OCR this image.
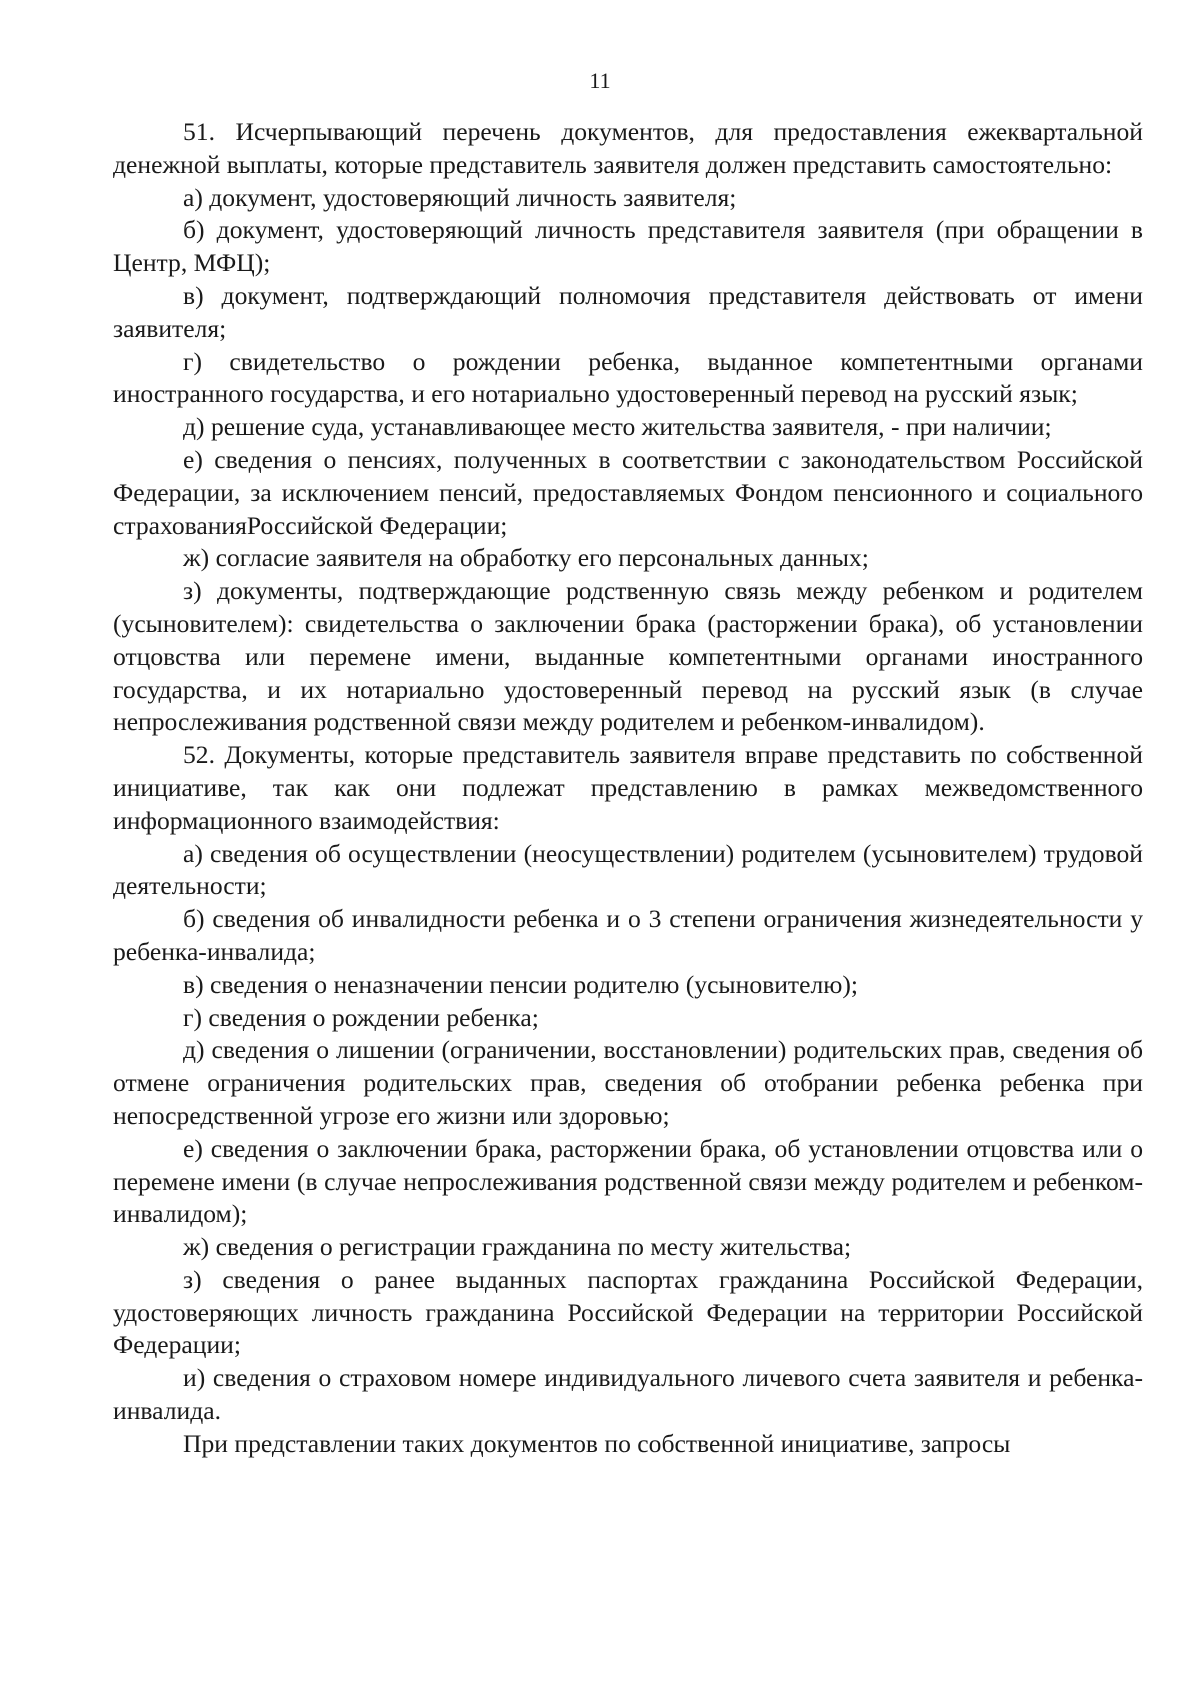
11

51. Исчерпывающий перечень документов, для предоставления ежеквартальной денежной выплаты, которые представитель заявителя должен представить самостоятельно:

а) документ, удостоверяющий личность заявителя;

б) документ, удостоверяющий личность представителя заявителя (при обращении в Центр, МФЦ);

в) документ, подтверждающий полномочия представителя действовать от имени заявителя;

г) свидетельство о рождении ребенка, выданное компетентными органами иностранного государства, и его нотариально удостоверенный перевод на русский язык;

д) решение суда, устанавливающее место жительства заявителя, - при наличии;

е) сведения о пенсиях, полученных в соответствии с законодательством Российской Федерации, за исключением пенсий, предоставляемых Фондом пенсионного и социального страхованияРоссийской Федерации;

ж) согласие заявителя на обработку его персональных данных;

з) документы, подтверждающие родственную связь между ребенком и родителем (усыновителем): свидетельства о заключении брака (расторжении брака), об установлении отцовства или перемене имени, выданные компетентными органами иностранного государства, и их нотариально удостоверенный перевод на русский язык (в случае непрослеживания родственной связи между родителем и ребенком-инвалидом).

52. Документы, которые представитель заявителя вправе представить по собственной инициативе, так как они подлежат представлению в рамках межведомственного информационного взаимодействия:

а) сведения об осуществлении (неосуществлении) родителем (усыновителем) трудовой деятельности;

б) сведения об инвалидности ребенка и о 3 степени ограничения жизнедеятельности у ребенка-инвалида;

в) сведения о неназначении пенсии родителю (усыновителю);

г) сведения о рождении ребенка;

д) сведения о лишении (ограничении, восстановлении) родительских прав, сведения об отмене ограничения родительских прав, сведения об отобрании ребенка ребенка при непосредственной угрозе его жизни или здоровью;

е) сведения о заключении брака, расторжении брака, об установлении отцовства или о перемене имени (в случае непрослеживания родственной связи между родителем и ребенком-инвалидом);

ж) сведения о регистрации гражданина по месту жительства;

з) сведения о ранее выданных паспортах гражданина Российской Федерации, удостоверяющих личность гражданина Российской Федерации на территории Российской Федерации;

и) сведения о страховом номере индивидуального личевого счета заявителя и ребенка-инвалида.

При представлении таких документов по собственной инициативе, запросы
